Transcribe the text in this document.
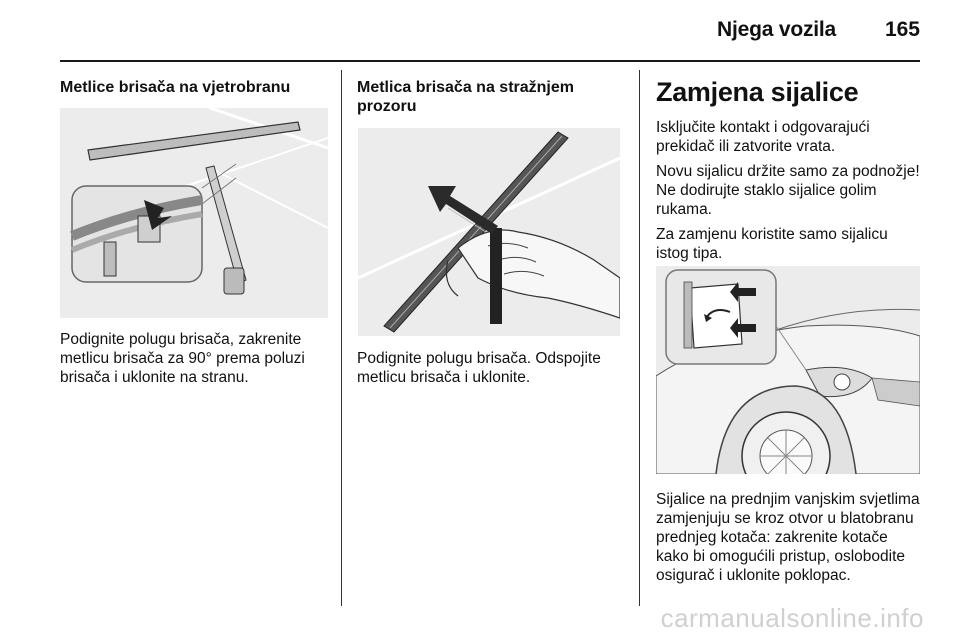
Njega vozila 165
Metlice brisača na vjetrobranu
Podignite polugu brisača, zakrenite metlicu brisača za 90° prema poluzi brisača i uklonite na stranu.
Metlica brisača na stražnjem prozoru
Podignite polugu brisača. Odspojite metlicu brisača i uklonite.
Zamjena sijalice
Isključite kontakt i odgovarajući prekidač ili zatvorite vrata.
Novu sijalicu držite samo za podnožje! Ne dodirujte staklo sijalice golim rukama.
Za zamjenu koristite samo sijalicu istog tipa.
Sijalice na prednjim vanjskim svjetlima zamjenjuju se kroz otvor u blatobranu prednjeg kotača: zakrenite kotače kako bi omogućili pristup, oslobodite osigurač i uklonite poklopac.
carmanualsonline.info
